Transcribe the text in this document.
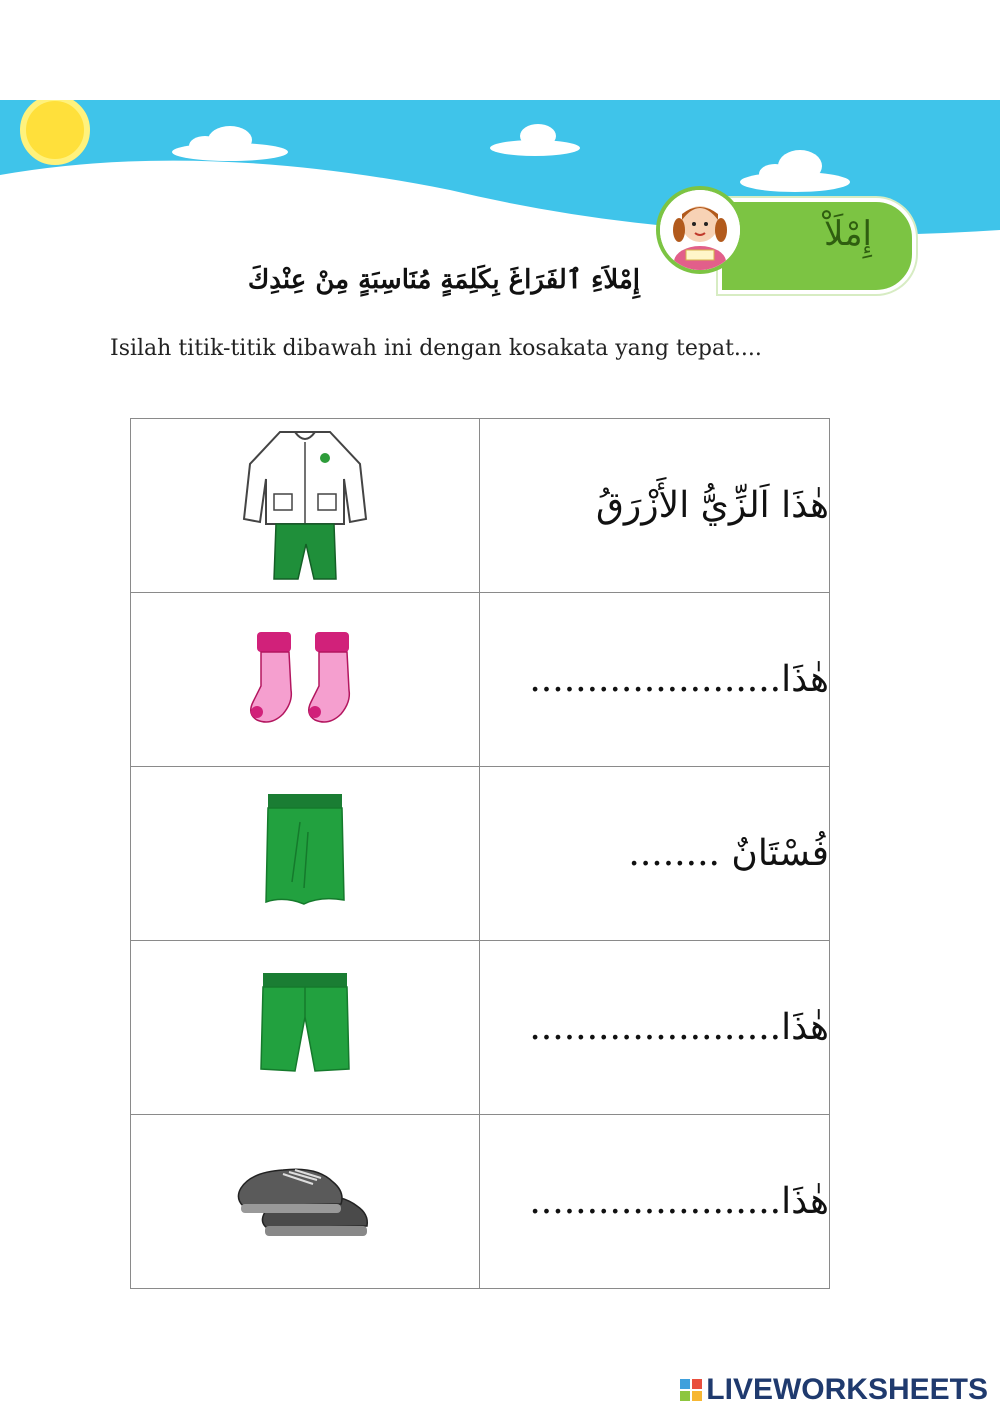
إِمْلَاْ
إِمْلاَءِ ٱلفَرَاغَ بِكَلِمَةٍ مُنَاسِبَةٍ مِنْ عِنْدِكَ
Isilah titik-titik dibawah ini dengan kosakata yang tepat....
	هٰذَا اَلزِّيُّ الأَزْرَقُ
	هٰذَا......................
	فُسْتَانٌ ........
	هٰذَا......................
	هٰذَا......................
LIVEWORKSHEETS
